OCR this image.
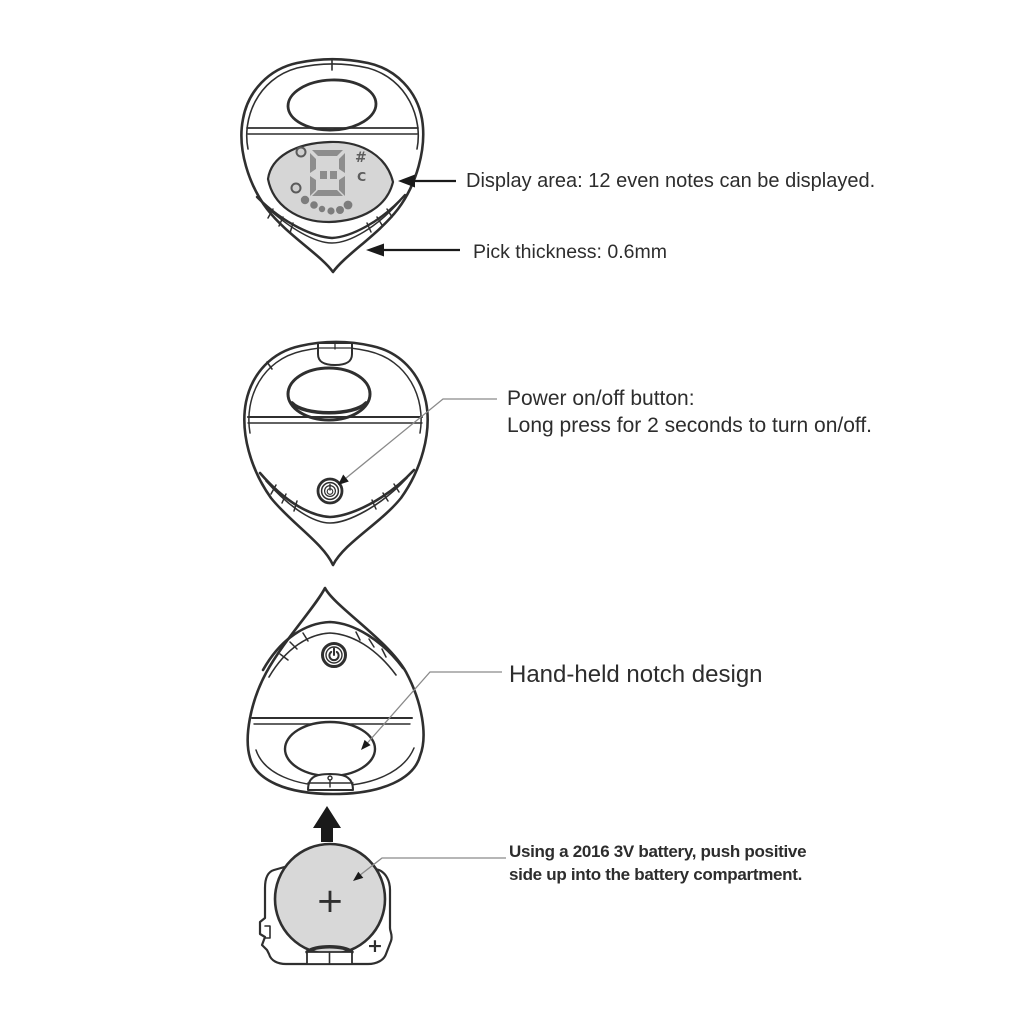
#
C
+
+
Display area: 12 even notes can be displayed.
Pick thickness: 0.6mm
Power on/off button:
Long press for 2 seconds to turn on/off.
Hand-held notch design
Using a 2016 3V battery, push positive
side up into the battery compartment.
